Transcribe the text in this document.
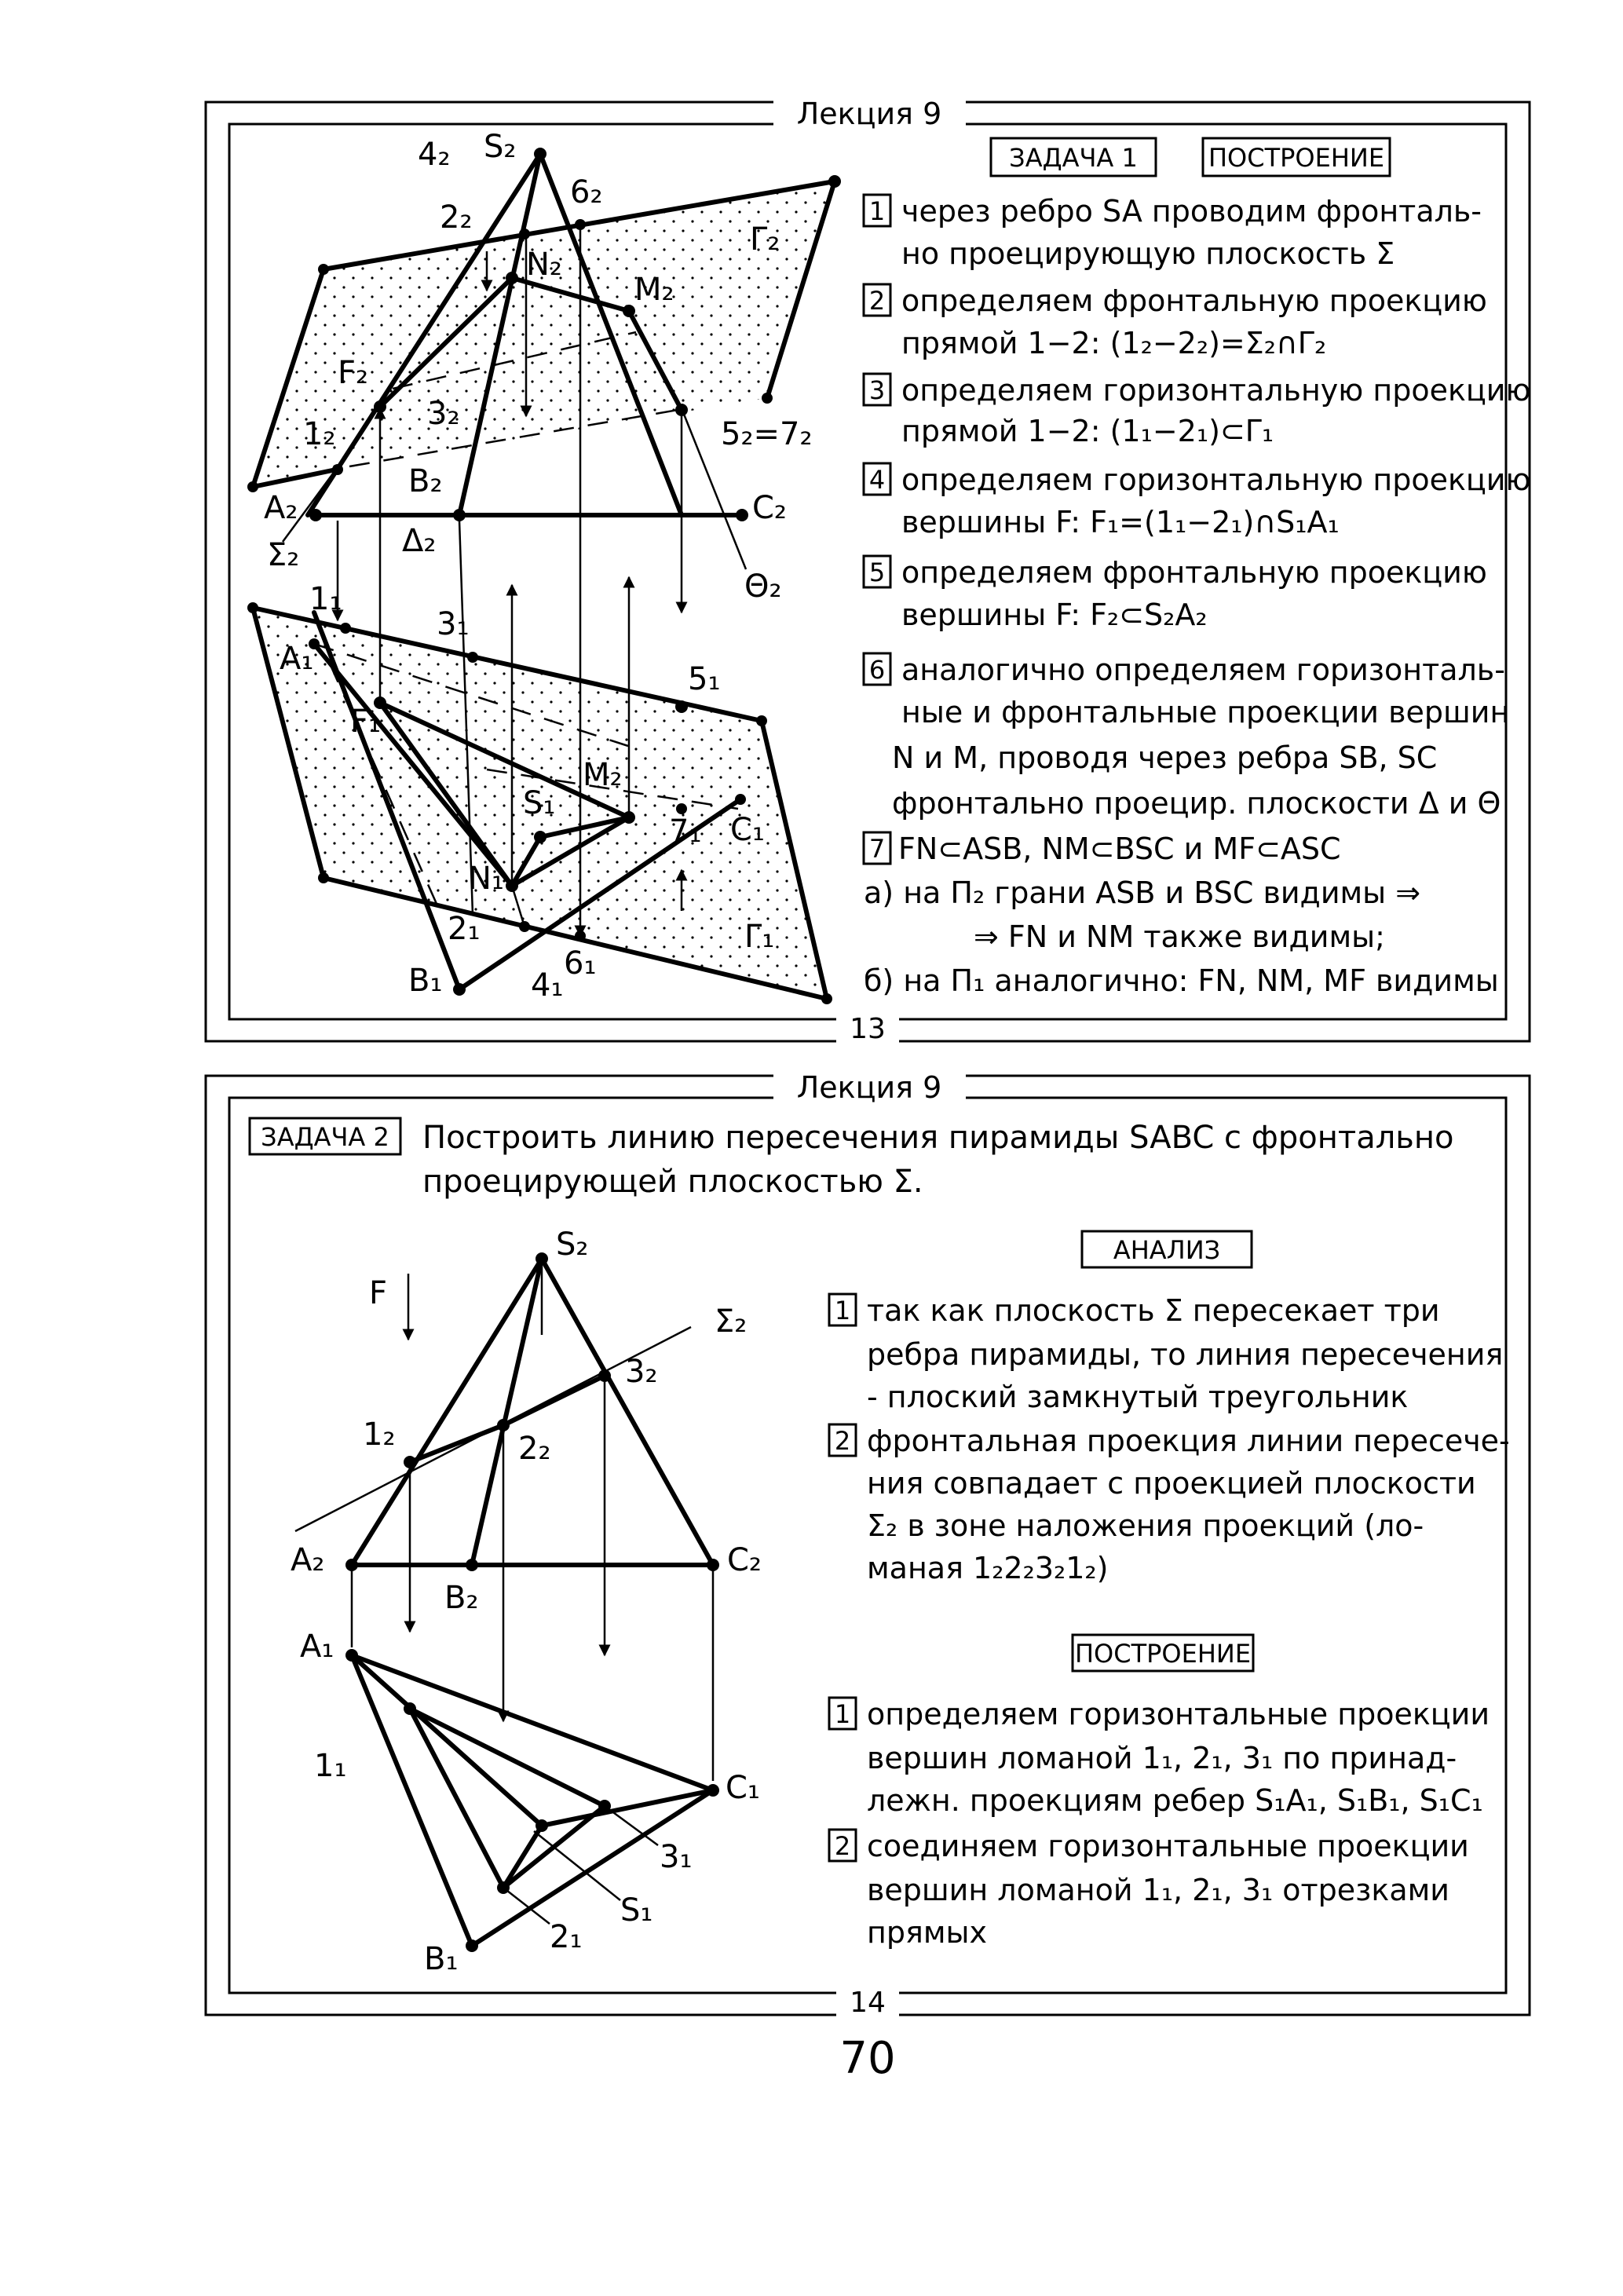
Лекция 9
13
S₂
4₂
2₂
6₂
N₂
M₂
Γ₂
F₂
1₂
3₂
5₂=7₂
A₂
B₂
C₂
Σ₂	Δ₂
Θ₂
1₁
3₁
A₁
5₁
F₁
M₂
S₁
7₁ C₁
N₁
2₁	Γ₁
B₁	4₁
6₁
ЗАДАЧА 1	ПОСТРОЕНИЕ
1 через ребро SA проводим фронталь-
но проецирующую плоскость Σ
2 определяем фронтальную проекцию
прямой 1−2: (1₂−2₂)=Σ₂∩Γ₂
3 определяем горизонтальную проекцию
прямой 1−2: (1₁−2₁)⊂Γ₁
4 определяем горизонтальную проекцию
вершины F: F₁=(1₁−2₁)∩S₁A₁
5 определяем фронтальную проекцию
вершины F: F₂⊂S₂A₂
6 аналогично определяем горизонталь-
ные и фронтальные проекции вершин
N и M, проводя через ребра SB, SC
фронтально проецир. плоскости Δ и Θ
7 FN⊂ASB, NM⊂BSC и MF⊂ASC
а) на Π₂ грани ASB и BSC видимы ⇒
⇒ FN и NM также видимы;
б) на Π₁ аналогично: FN, NM, MF видимы
Лекция 9
14
ЗАДАЧА 2 Построить линию пересечения пирамиды SABC с фронтально
проецирующей плоскостью Σ.
F
S₂
Σ₂
3₂
2₂
1₂
A₂
B₂
C₂
A₁
1₁
C₁
3₁
S₁
2₁
B₁
АНАЛИЗ
1 так как плоскость Σ пересекает три
ребра пирамиды, то линия пересечения
- плоский замкнутый треугольник
2 фронтальная проекция линии пересече-
ния совпадает с проекцией плоскости
Σ₂ в зоне наложения проекций (ло-
маная 1₂2₂3₂1₂)
ПОСТРОЕНИЕ
1 определяем горизонтальные проекции
вершин ломаной 1₁, 2₁, 3₁ по принад-
лежн. проекциям ребер S₁A₁, S₁B₁, S₁C₁
2 соединяем горизонтальные проекции
вершин ломаной 1₁, 2₁, 3₁ отрезками
прямых
70
